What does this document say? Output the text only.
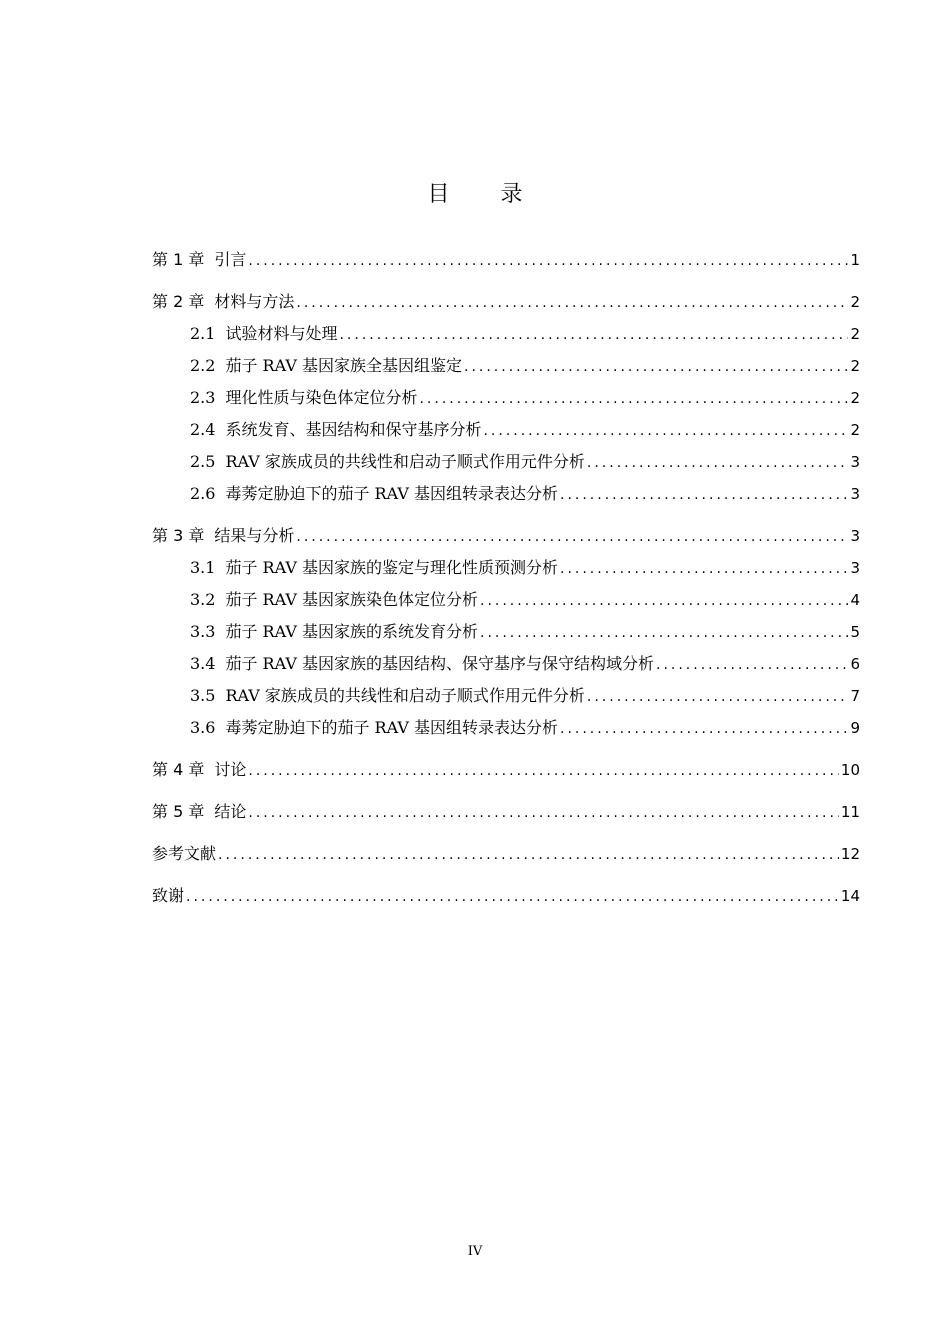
目 录
第 1 章 引言 .....	1
第 2 章 材料与方法 .....	2
2.1 试验材料与处理 .....	2
2.2 茄子 RAV 基因家族全基因组鉴定 .....	2
2.3 理化性质与染色体定位分析 .....	2
2.4 系统发育、基因结构和保守基序分析 .....	2
2.5 RAV 家族成员的共线性和启动子顺式作用元件分析 .....	3
2.6 毒莠定胁迫下的茄子 RAV 基因组转录表达分析 .....	3
第 3 章 结果与分析 .....	3
3.1 茄子 RAV 基因家族的鉴定与理化性质预测分析 .....	3
3.2 茄子 RAV 基因家族染色体定位分析 .....	4
3.3 茄子 RAV 基因家族的系统发育分析 .....	5
3.4 茄子 RAV 基因家族的基因结构、保守基序与保守结构域分析 .....	6
3.5 RAV 家族成员的共线性和启动子顺式作用元件分析 .....	7
3.6 毒莠定胁迫下的茄子 RAV 基因组转录表达分析 .....	9
第 4 章 讨论 .....	10
第 5 章 结论 .....	11
参考文献 .....	12
致谢 .....	14
IV
